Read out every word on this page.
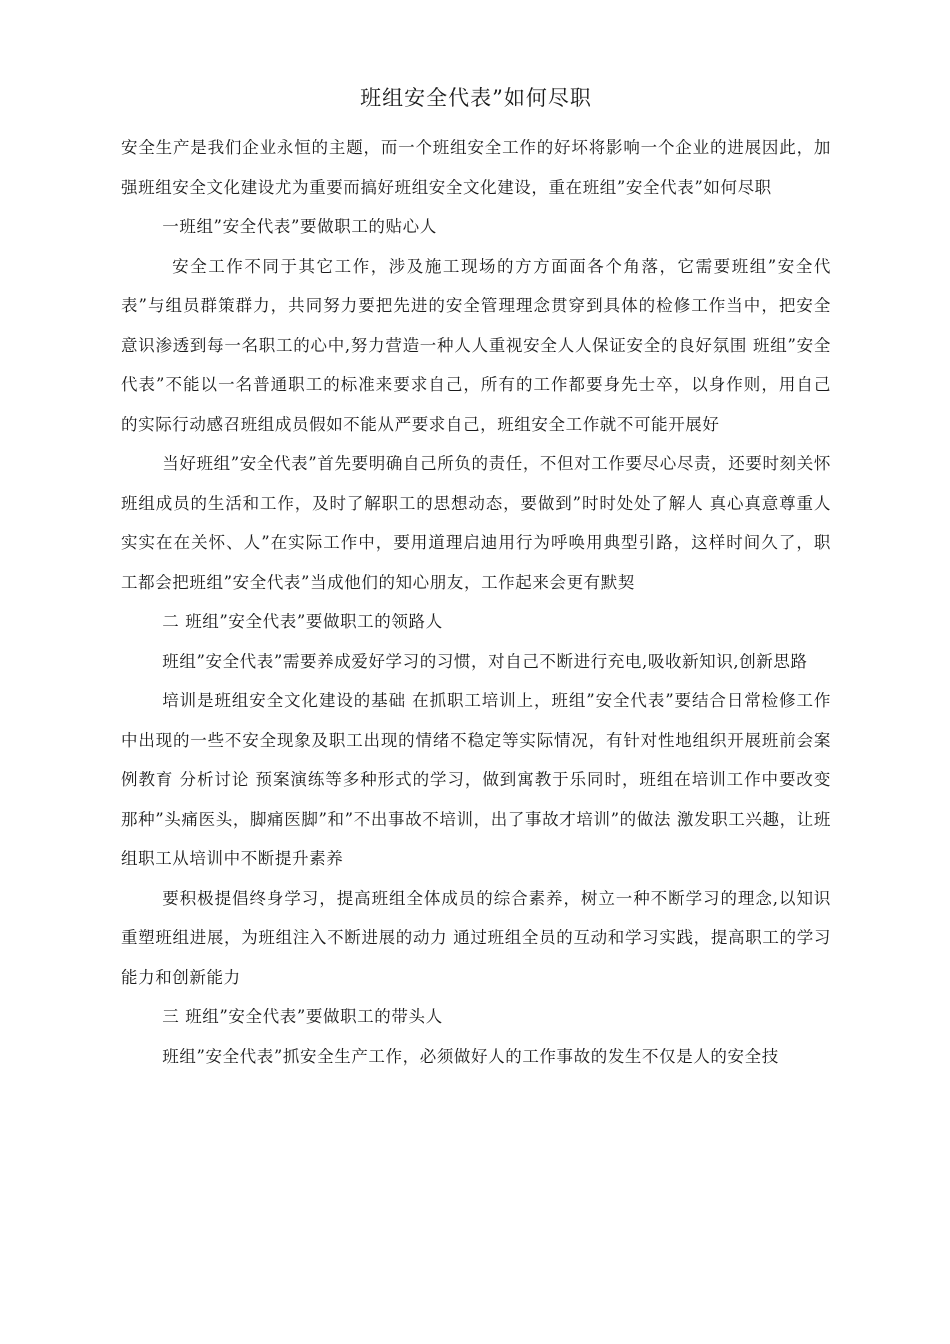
班组安全代表”如何尽职

安全生产是我们企业永恒的主题，而一个班组安全工作的好坏将影响一个企业的进展因此，加强班组安全文化建设尤为重要而搞好班组安全文化建设，重在班组”安全代表”如何尽职

一班组”安全代表”要做职工的贴心人

安全工作不同于其它工作，涉及施工现场的方方面面各个角落，它需要班组”安全代表”与组员群策群力，共同努力要把先进的安全管理理念贯穿到具体的检修工作当中，把安全意识渗透到每一名职工的心中,努力营造一种人人重视安全人人保证安全的良好氛围 班组”安全代表”不能以一名普通职工的标准来要求自己，所有的工作都要身先士卒，以身作则，用自己的实际行动感召班组成员假如不能从严要求自己，班组安全工作就不可能开展好

当好班组”安全代表”首先要明确自己所负的责任，不但对工作要尽心尽责，还要时刻关怀班组成员的生活和工作，及时了解职工的思想动态，要做到”时时处处了解人 真心真意尊重人 实实在在关怀、人”在实际工作中，要用道理启迪用行为呼唤用典型引路，这样时间久了，职工都会把班组”安全代表”当成他们的知心朋友，工作起来会更有默契

二 班组”安全代表”要做职工的领路人

班组”安全代表”需要养成爱好学习的习惯，对自己不断进行充电,吸收新知识,创新思路

培训是班组安全文化建设的基础 在抓职工培训上，班组”安全代表”要结合日常检修工作中出现的一些不安全现象及职工出现的情绪不稳定等实际情况，有针对性地组织开展班前会案例教育 分析讨论 预案演练等多种形式的学习，做到寓教于乐同时，班组在培训工作中要改变那种”头痛医头，脚痛医脚”和”不出事故不培训，出了事故才培训”的做法 激发职工兴趣，让班组职工从培训中不断提升素养

要积极提倡终身学习，提高班组全体成员的综合素养，树立一种不断学习的理念,以知识重塑班组进展，为班组注入不断进展的动力 通过班组全员的互动和学习实践，提高职工的学习能力和创新能力

三 班组”安全代表”要做职工的带头人

班组”安全代表”抓安全生产工作，必须做好人的工作事故的发生不仅是人的安全技
